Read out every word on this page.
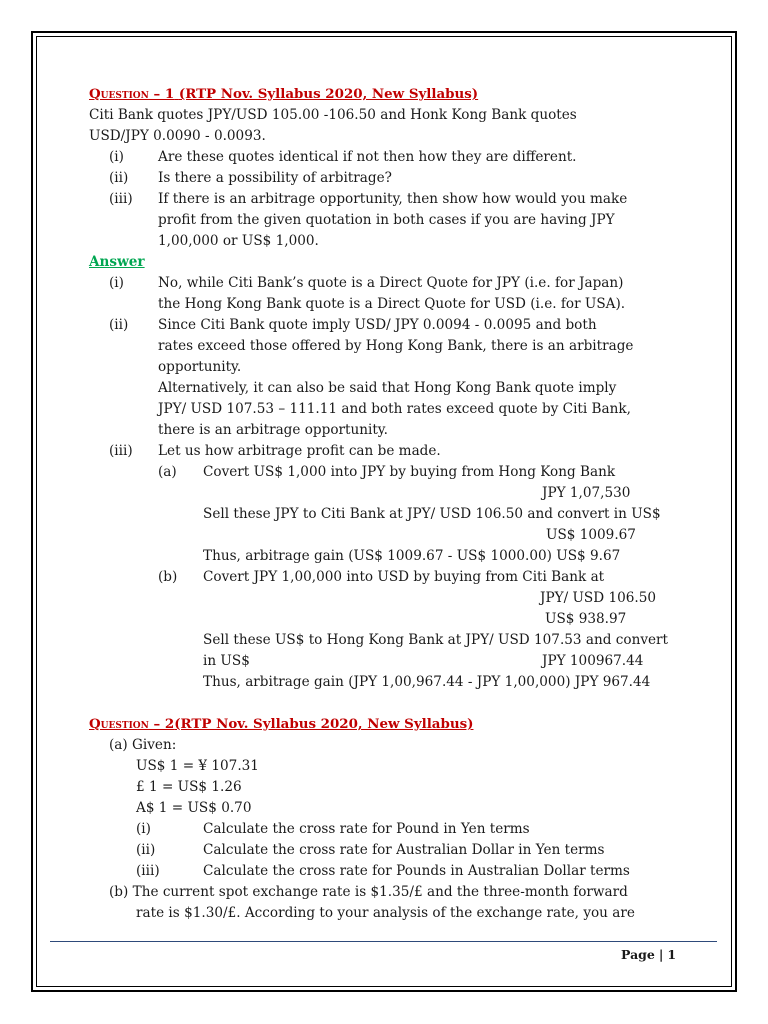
Question – 1 (RTP Nov. Syllabus 2020, New Syllabus)
Citi Bank quotes JPY/USD 105.00 -106.50 and Honk Kong Bank quotes
USD/JPY 0.0090 - 0.0093.
(i)	Are these quotes identical if not then how they are different.
(ii) Is there a possibility of arbitrage?
(iii) If there is an arbitrage opportunity, then show how would you make
profit from the given quotation in both cases if you are having JPY
1,00,000 or US$ 1,000.
Answer
(i)	No, while Citi Bank’s quote is a Direct Quote for JPY (i.e. for Japan)
the Hong Kong Bank quote is a Direct Quote for USD (i.e. for USA).
(ii) Since Citi Bank quote imply USD/ JPY 0.0094 - 0.0095 and both
rates exceed those offered by Hong Kong Bank, there is an arbitrage
opportunity.
Alternatively, it can also be said that Hong Kong Bank quote imply
JPY/ USD 107.53 – 111.11 and both rates exceed quote by Citi Bank,
there is an arbitrage opportunity.
(iii) Let us how arbitrage profit can be made.
(a) Covert US$ 1,000 into JPY by buying from Hong Kong Bank
JPY 1,07,530
Sell these JPY to Citi Bank at JPY/ USD 106.50 and convert in US$
US$ 1009.67
Thus, arbitrage gain (US$ 1009.67 - US$ 1000.00) US$ 9.67
(b) Covert JPY 1,00,000 into USD by buying from Citi Bank at
JPY/ USD 106.50
US$ 938.97
Sell these US$ to Hong Kong Bank at JPY/ USD 107.53 and convert
in US$	JPY 100967.44
Thus, arbitrage gain (JPY 1,00,967.44 - JPY 1,00,000) JPY 967.44
Question – 2(RTP Nov. Syllabus 2020, New Syllabus)
(a) Given:
US$ 1 = ¥ 107.31
£ 1 = US$ 1.26
A$ 1 = US$ 0.70
(i)	Calculate the cross rate for Pound in Yen terms
(ii)	Calculate the cross rate for Australian Dollar in Yen terms
(iii)	Calculate the cross rate for Pounds in Australian Dollar terms
(b) The current spot exchange rate is $1.35/£ and the three-month forward
rate is $1.30/£. According to your analysis of the exchange rate, you are
Page | 1
